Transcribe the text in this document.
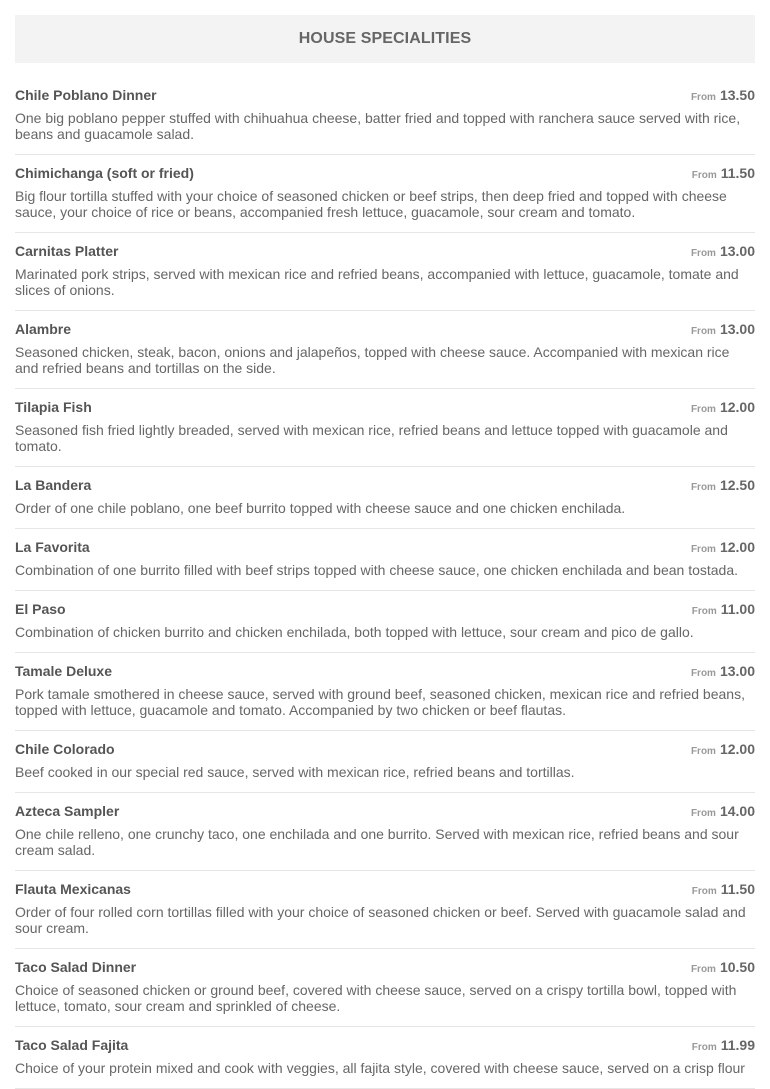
HOUSE SPECIALITIES
Chile Poblano Dinner	From 13.50
One big poblano pepper stuffed with chihuahua cheese, batter fried and topped with ranchera sauce served with rice, beans and guacamole salad.
Chimichanga (soft or fried)	From 11.50
Big flour tortilla stuffed with your choice of seasoned chicken or beef strips, then deep fried and topped with cheese sauce, your choice of rice or beans, accompanied fresh lettuce, guacamole, sour cream and tomato.
Carnitas Platter	From 13.00
Marinated pork strips, served with mexican rice and refried beans, accompanied with lettuce, guacamole, tomate and slices of onions.
Alambre	From 13.00
Seasoned chicken, steak, bacon, onions and jalapeños, topped with cheese sauce. Accompanied with mexican rice and refried beans and tortillas on the side.
Tilapia Fish	From 12.00
Seasoned fish fried lightly breaded, served with mexican rice, refried beans and lettuce topped with guacamole and tomato.
La Bandera	From 12.50
Order of one chile poblano, one beef burrito topped with cheese sauce and one chicken enchilada.
La Favorita	From 12.00
Combination of one burrito filled with beef strips topped with cheese sauce, one chicken enchilada and bean tostada.
El Paso	From 11.00
Combination of chicken burrito and chicken enchilada, both topped with lettuce, sour cream and pico de gallo.
Tamale Deluxe	From 13.00
Pork tamale smothered in cheese sauce, served with ground beef, seasoned chicken, mexican rice and refried beans, topped with lettuce, guacamole and tomato. Accompanied by two chicken or beef flautas.
Chile Colorado	From 12.00
Beef cooked in our special red sauce, served with mexican rice, refried beans and tortillas.
Azteca Sampler	From 14.00
One chile relleno, one crunchy taco, one enchilada and one burrito. Served with mexican rice, refried beans and sour cream salad.
Flauta Mexicanas	From 11.50
Order of four rolled corn tortillas filled with your choice of seasoned chicken or beef. Served with guacamole salad and sour cream.
Taco Salad Dinner	From 10.50
Choice of seasoned chicken or ground beef, covered with cheese sauce, served on a crispy tortilla bowl, topped with lettuce, tomato, sour cream and sprinkled of cheese.
Taco Salad Fajita	From 11.99
Choice of your protein mixed and cook with veggies, all fajita style, covered with cheese sauce, served on a crisp flour
